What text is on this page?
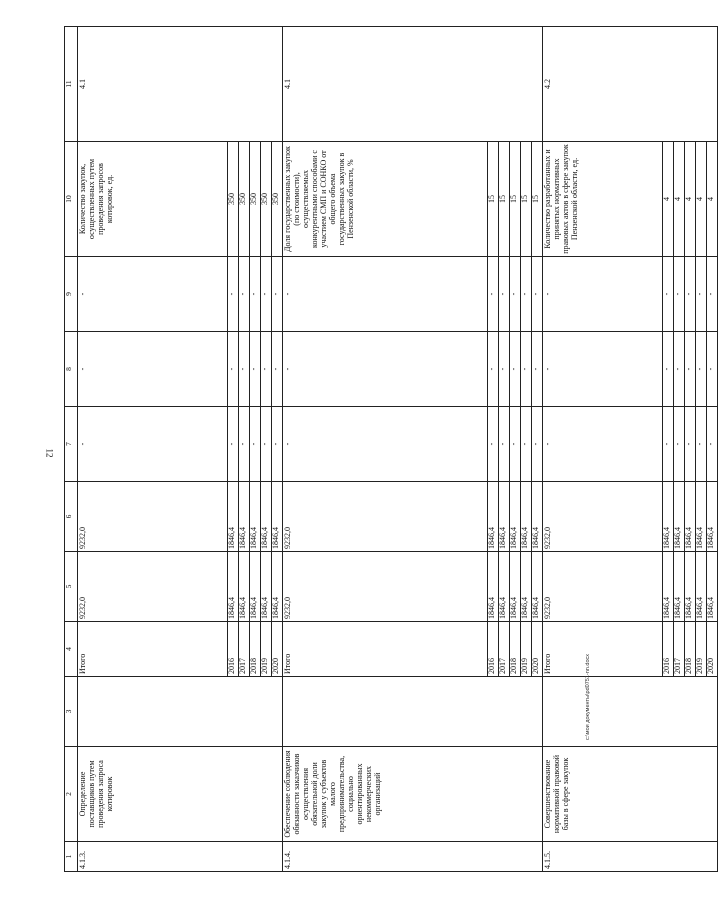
12
1	2	3	4	5	6	7	8	9	10	11
4.1.3.	Определение поставщиков путем проведения запроса котировок		Итого	9232,0	9232,0	-	-	-	Количество закупок, осуществленных путем проведения запросов котировок, ед.	4.1
			2016	1846,4	1846,4	-	-	-	350	
			2017	1846,4	1846,4	-	-	-	350	
			2018	1846,4	1846,4	-	-	-	350	
			2019	1846,4	1846,4	-	-	-	350	
			2020	1846,4	1846,4	-	-	-	350	
4.1.4.	Обеспечение соблюдения обязанности заказчиков осуществления обязательной доли закупок у субъектов малого предпринимательства, социально ориентированных некоммерческих организаций		Итого	9232,0	9232,0	-	-	-	Доля государственных закупок (по стоимости), осуществляемых конкурентными способами с участием СМП и СОНКО от общего объема государственных закупок в Пензенской области, %	4.1
			2016	1846,4	1846,4	-	-	-	15	
			2017	1846,4	1846,4	-	-	-	15	
			2018	1846,4	1846,4	-	-	-	15	
			2019	1846,4	1846,4	-	-	-	15	
			2020	1846,4	1846,4	-	-	-	15	
4.1.5.	Совершенствование нормативной правовой базы в сфере закупок		Итого	9232,0	9232,0	-	-	-	Количество разработанных и принятых нормативных правовых актов в сфере закупок Пензенской области, ед.	4.2
			2016	1846,4	1846,4	-	-	-	4	
			2017	1846,4	1846,4	-	-	-	4	
			2018	1846,4	1846,4	-	-	-	4	
			2019	1846,4	1846,4	-	-	-	4	
			2020	1846,4	1846,4	-	-	-	4	
c:\мои документы\pd0751-nn.docx
